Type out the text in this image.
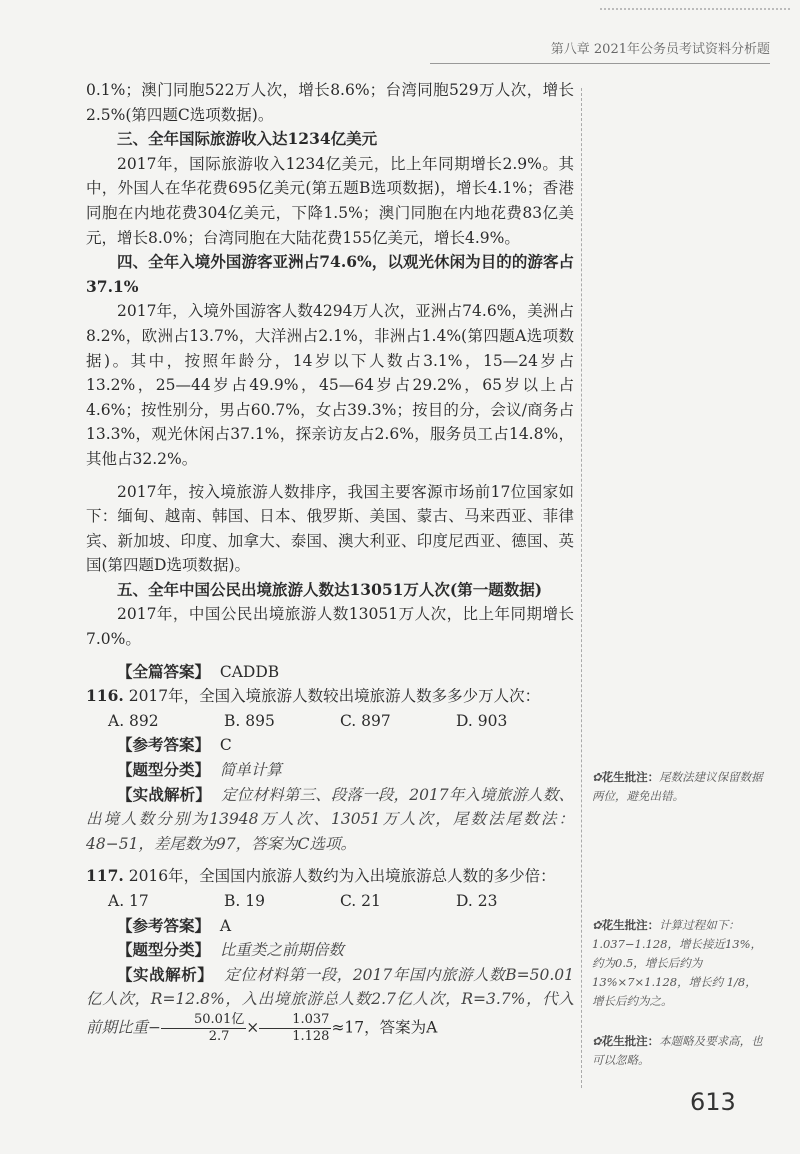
第八章 2021年公务员考试资料分析题

0.1%；澳门同胞522万人次，增长8.6%；台湾同胞529万人次，增长2.5%(第四题C选项数据)。

三、全年国际旅游收入达1234亿美元

2017年，国际旅游收入1234亿美元，比上年同期增长2.9%。其中，外国人在华花费695亿美元(第五题B选项数据)，增长4.1%；香港同胞在内地花费304亿美元，下降1.5%；澳门同胞在内地花费83亿美元，增长8.0%；台湾同胞在大陆花费155亿美元，增长4.9%。

四、全年入境外国游客亚洲占74.6%，以观光休闲为目的的游客占37.1%

2017年，入境外国游客人数4294万人次，亚洲占74.6%，美洲占8.2%，欧洲占13.7%，大洋洲占2.1%，非洲占1.4%(第四题A选项数据)。其中，按照年龄分，14岁以下人数占3.1%，15—24岁占13.2%，25—44岁占49.9%，45—64岁占29.2%，65岁以上占4.6%；按性别分，男占60.7%，女占39.3%；按目的分，会议/商务占13.3%，观光休闲占37.1%，探亲访友占2.6%，服务员工占14.8%，其他占32.2%。

2017年，按入境旅游人数排序，我国主要客源市场前17位国家如下：缅甸、越南、韩国、日本、俄罗斯、美国、蒙古、马来西亚、菲律宾、新加坡、印度、加拿大、泰国、澳大利亚、印度尼西亚、德国、英国(第四题D选项数据)。

五、全年中国公民出境旅游人数达13051万人次(第一题数据)

2017年，中国公民出境旅游人数13051万人次，比上年同期增长7.0%。

【全篇答案】 CADDB

116. 2017年，全国入境旅游人数较出境旅游人数多多少万人次：

A. 892	B. 895	C. 897	D. 903

【参考答案】 C

【题型分类】 简单计算

【实战解析】 定位材料第三、段落一段，2017年入境旅游人数、出境人数分别为13948万人次、13051万人次，尾数法尾数法：48−51，差尾数为97，答案为C选项。

117. 2016年，全国国内旅游人数约为入出境旅游总人数的多少倍：

A. 17	B. 19	C. 21	D. 23

【参考答案】 A

【题型分类】 比重类之前期倍数

【实战解析】 定位材料第一段，2017年国内旅游人数B=50.01亿人次，R=12.8%，入出境旅游总人数2.7亿人次，R=3.7%，代入前期比重− $\frac{\text{50.01亿}}{2.7} \times \frac{1.037}{1.128} \approx 17$，答案为A

✿花生批注：尾数法建议保留数据两位，避免出错。
✿花生批注：计算过程如下：1.037−1.128，增长接近13%，约为0.5，增长后约为13%×7×1.128，增长约 1/8，增长后约为之。
✿花生批注：本题略及要求高，也可以忽略。
613
